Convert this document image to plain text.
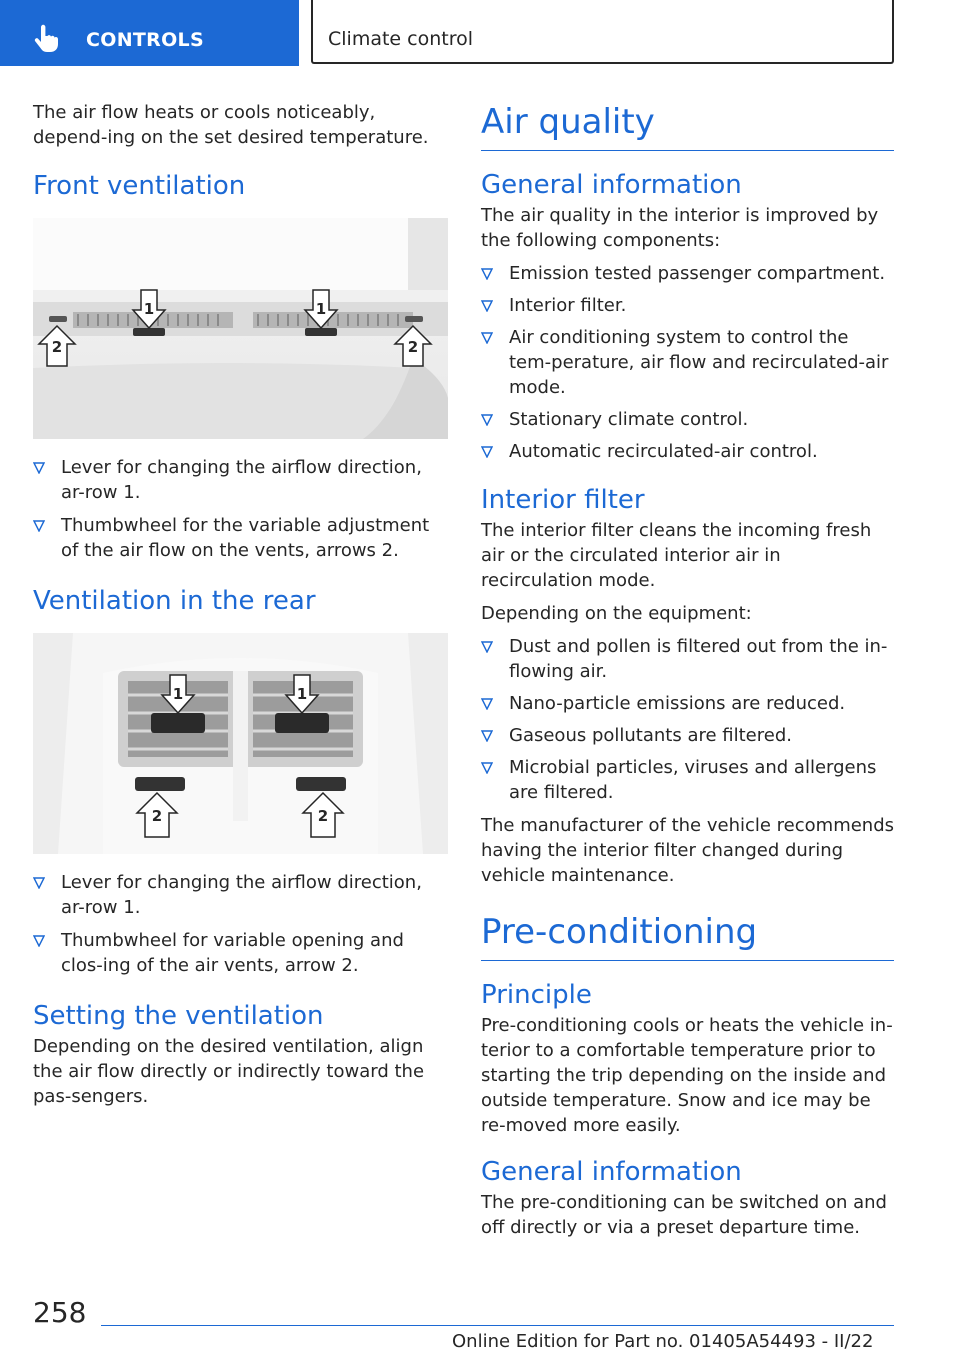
CONTROLS	Climate control

The air flow heats or cools noticeably, depend-ing on the set desired temperature.

Front ventilation
1	1
2	2
Lever for changing the airflow direction, ar-row 1.
Thumbwheel for the variable adjustment of the air flow on the vents, arrows 2.
Ventilation in the rear
1	1
2	2
Lever for changing the airflow direction, ar-row 1.
Thumbwheel for variable opening and clos-ing of the air vents, arrow 2.
Setting the ventilation

Depending on the desired ventilation, align the air flow directly or indirectly toward the pas-sengers.

Air quality
General information

The air quality in the interior is improved by the following components:

Emission tested passenger compartment.
Interior filter.
Air conditioning system to control the tem-perature, air flow and recirculated-air mode.
Stationary climate control.
Automatic recirculated-air control.
Interior filter

The interior filter cleans the incoming fresh air or the circulated interior air in recirculation mode.

Depending on the equipment:

Dust and pollen is filtered out from the in-flowing air.
Nano-particle emissions are reduced.
Gaseous pollutants are filtered.
Microbial particles, viruses and allergens are filtered.

The manufacturer of the vehicle recommends having the interior filter changed during vehicle maintenance.

Pre-conditioning
Principle

Pre-conditioning cools or heats the vehicle in-terior to a comfortable temperature prior to starting the trip depending on the inside and outside temperature. Snow and ice may be re-moved more easily.

General information

The pre-conditioning can be switched on and off directly or via a preset departure time.

258
Online Edition for Part no. 01405A54493 - II/22
